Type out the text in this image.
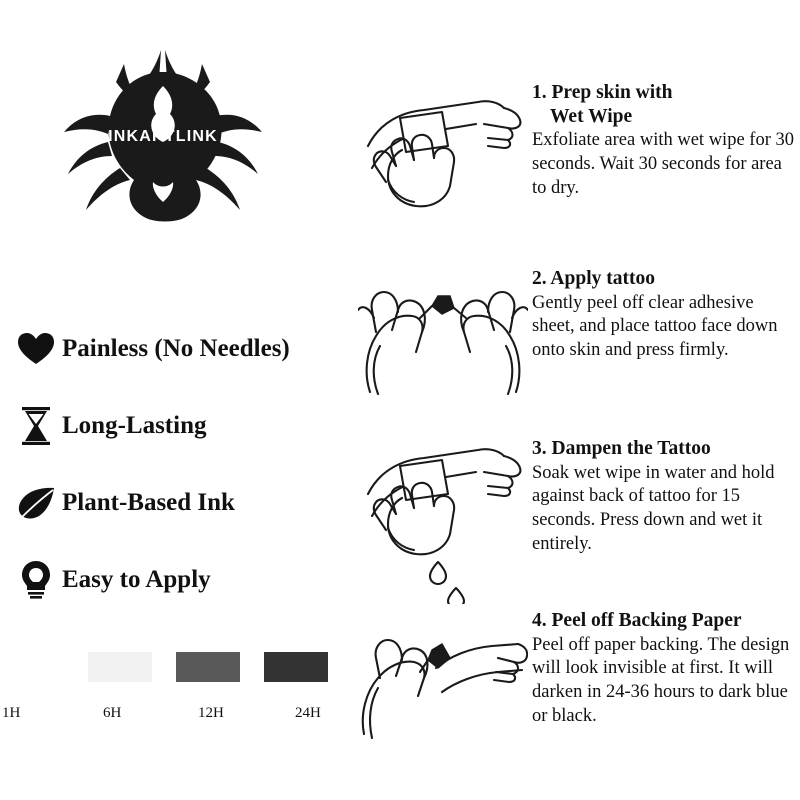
INKARTLINK
Painless (No Needles)
Long-Lasting
Plant-Based Ink
Easy to Apply
1H	6H	12H	24H
1. Prep skin with
Wet Wipe
Exfoliate area with wet wipe for 30 seconds. Wait 30 seconds for area to dry.
2. Apply tattoo
Gently peel off clear adhesive sheet, and place tattoo face down onto skin and press firmly.
3. Dampen the Tattoo
Soak wet wipe in water and hold against back of tattoo for 15 seconds. Press down and wet it entirely.
4. Peel off Backing Paper
Peel off paper backing. The design will look invisible at first. It will darken in 24-36 hours to dark blue or black.
